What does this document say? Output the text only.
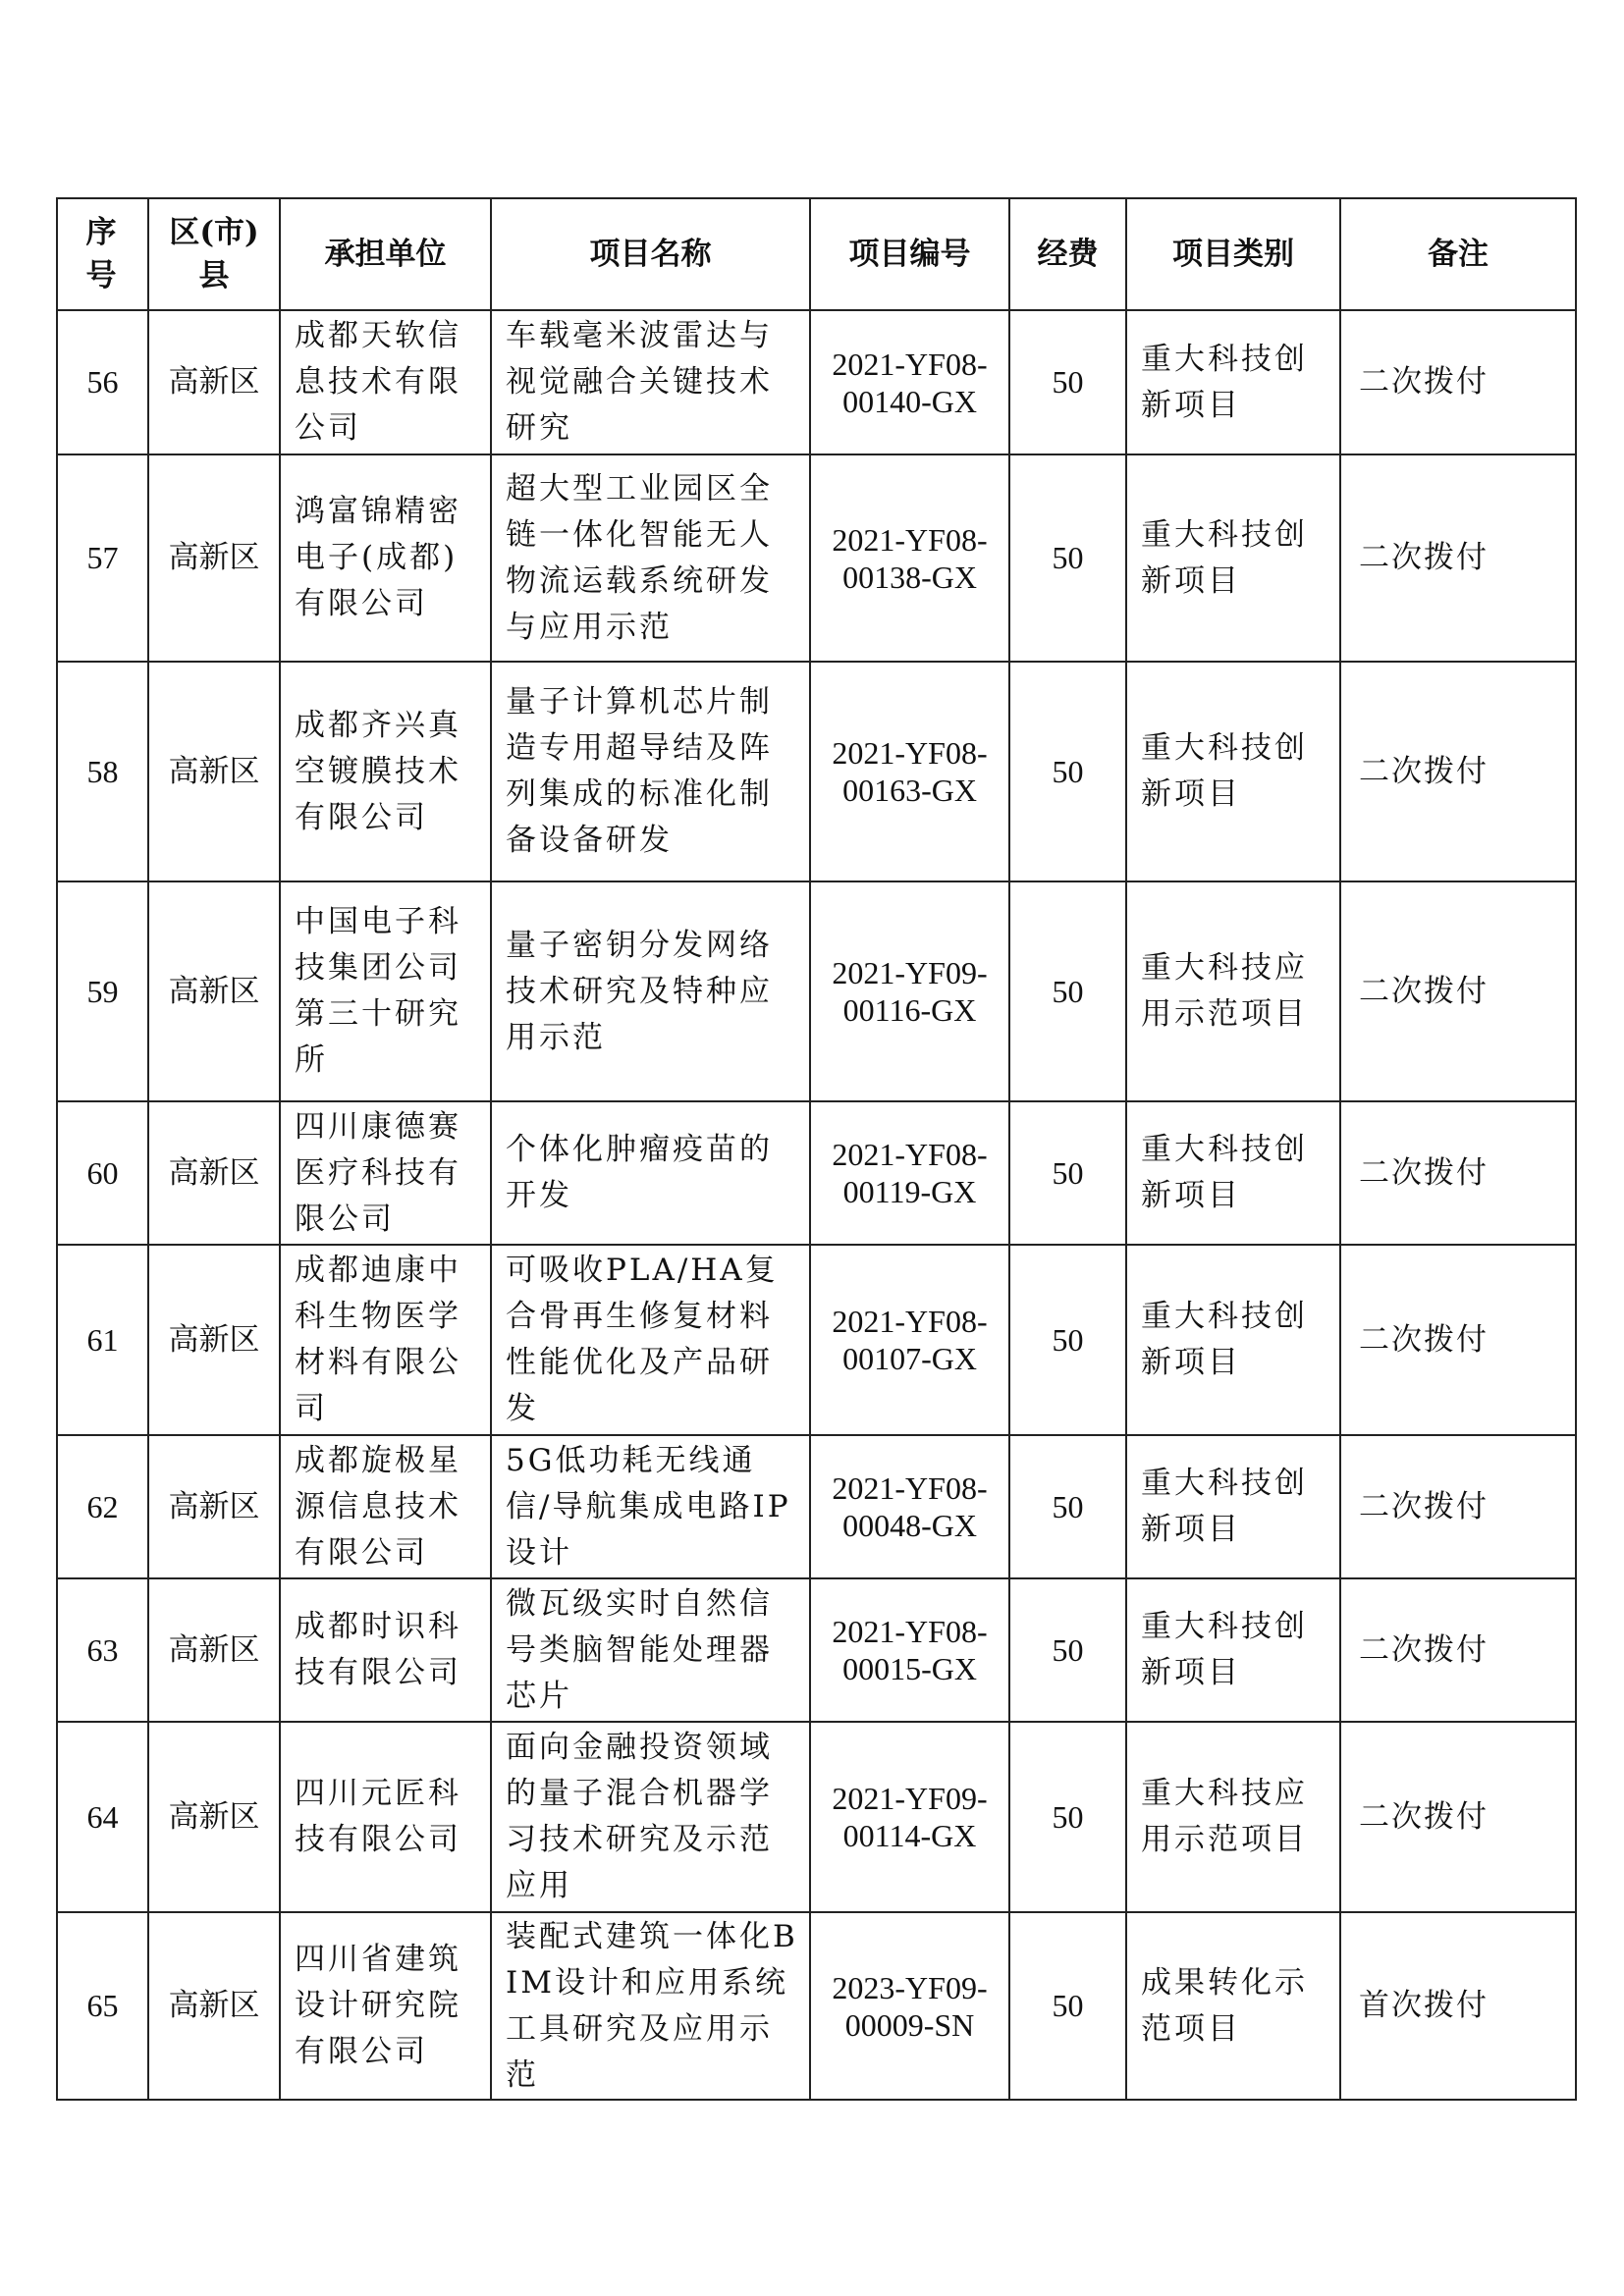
序号	区(市)县	承担单位	项目名称	项目编号	经费	项目类别	备注
56	高新区	成都天软信息技术有限公司	车载毫米波雷达与视觉融合关键技术研究	2021-YF08-00140-GX	50	重大科技创新项目	二次拨付

57	高新区	鸿富锦精密电子(成都)有限公司	超大型工业园区全链一体化智能无人物流运载系统研发与应用示范	2021-YF08-00138-GX	50	重大科技创新项目	二次拨付

58	高新区	成都齐兴真空镀膜技术有限公司	量子计算机芯片制造专用超导结及阵列集成的标准化制备设备研发	2021-YF08-00163-GX	50	重大科技创新项目	二次拨付

59	高新区	中国电子科技集团公司第三十研究所	量子密钥分发网络技术研究及特种应用示范	2021-YF09-00116-GX	50	重大科技应用示范项目	二次拨付

60	高新区	四川康德赛医疗科技有限公司	个体化肿瘤疫苗的开发	2021-YF08-00119-GX	50	重大科技创新项目	二次拨付

61	高新区	成都迪康中科生物医学材料有限公司	可吸收PLA/HA复合骨再生修复材料性能优化及产品研发	2021-YF08-00107-GX	50	重大科技创新项目	二次拨付

62	高新区	成都旋极星源信息技术有限公司	5G低功耗无线通信/导航集成电路IP设计	2021-YF08-00048-GX	50	重大科技创新项目	二次拨付

63	高新区	成都时识科技有限公司	微瓦级实时自然信号类脑智能处理器芯片	2021-YF08-00015-GX	50	重大科技创新项目	二次拨付

64	高新区	四川元匠科技有限公司	面向金融投资领域的量子混合机器学习技术研究及示范应用	2021-YF09-00114-GX	50	重大科技应用示范项目	二次拨付

65	高新区	四川省建筑设计研究院有限公司	装配式建筑一体化BIM设计和应用系统工具研究及应用示范	2023-YF09-00009-SN	50	成果转化示范项目	首次拨付
